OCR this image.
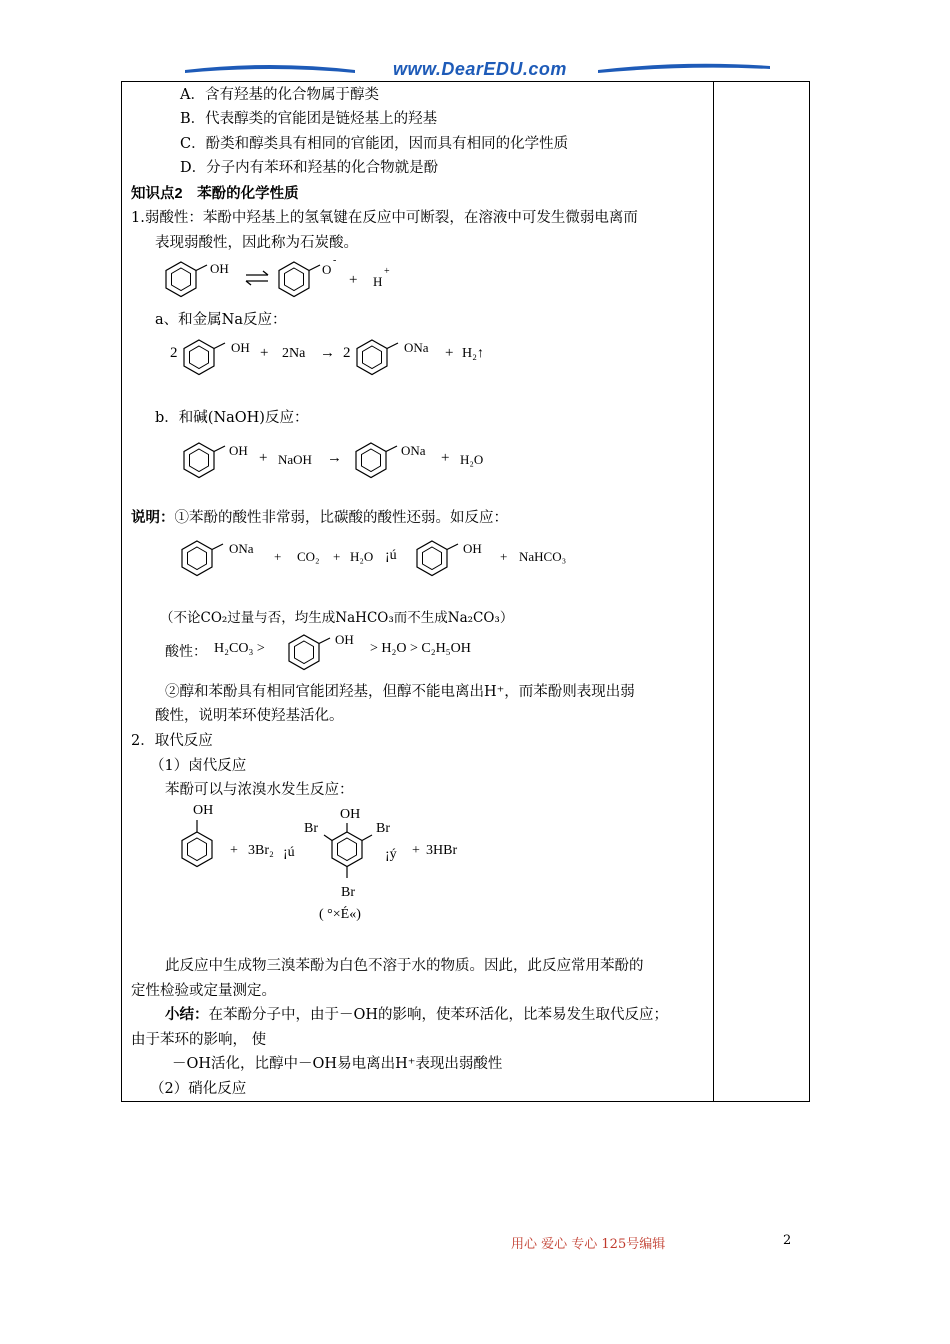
www.DearEDU.com
A．含有羟基的化合物属于醇类
B．代表醇类的官能团是链烃基上的羟基
C．酚类和醇类具有相同的官能团，因而具有相同的化学性质
D．分子内有苯环和羟基的化合物就是酚
知识点2　苯酚的化学性质
1.弱酸性：苯酚中羟基上的氢氧键在反应中可断裂，在溶液中可发生微弱电离而
表现弱酸性，因此称为石炭酸。
OH	O
-
+ H
+
a、和金属Na反应：
2	OH + 2Na → 2	ONa + H₂↑
b．和碱(NaOH)反应：
OH + NaOH →	ONa + H₂O
说明：①苯酚的酸性非常弱，比碳酸的酸性还弱。如反应：
ONa
+ CO₂ + H₂O ¡ú	OH
+ NaHCO₃
（不论CO₂过量与否，均生成NaHCO₃而不生成Na₂CO₃）
酸性： H₂CO₃ >
OH
> H₂O > C₂H₅OH
②醇和苯酚具有相同官能团羟基，但醇不能电离出H⁺，而苯酚则表现出弱
酸性，说明苯环使羟基活化。
2．取代反应
（1）卤代反应
苯酚可以与浓溴水发生反应：
OH
+ 3Br₂ ¡ú
OH
Br	Br
Br
¡ý + 3HBr
( °×É«)
此反应中生成物三溴苯酚为白色不溶于水的物质。因此，此反应常用苯酚的
定性检验或定量测定。
小结：在苯酚分子中，由于－OH的影响，使苯环活化，比苯易发生取代反应；
由于苯环的影响， 使
－OH活化，比醇中－OH易电离出H⁺表现出弱酸性
（2）硝化反应
用心 爱心 专心 125号编辑	2
